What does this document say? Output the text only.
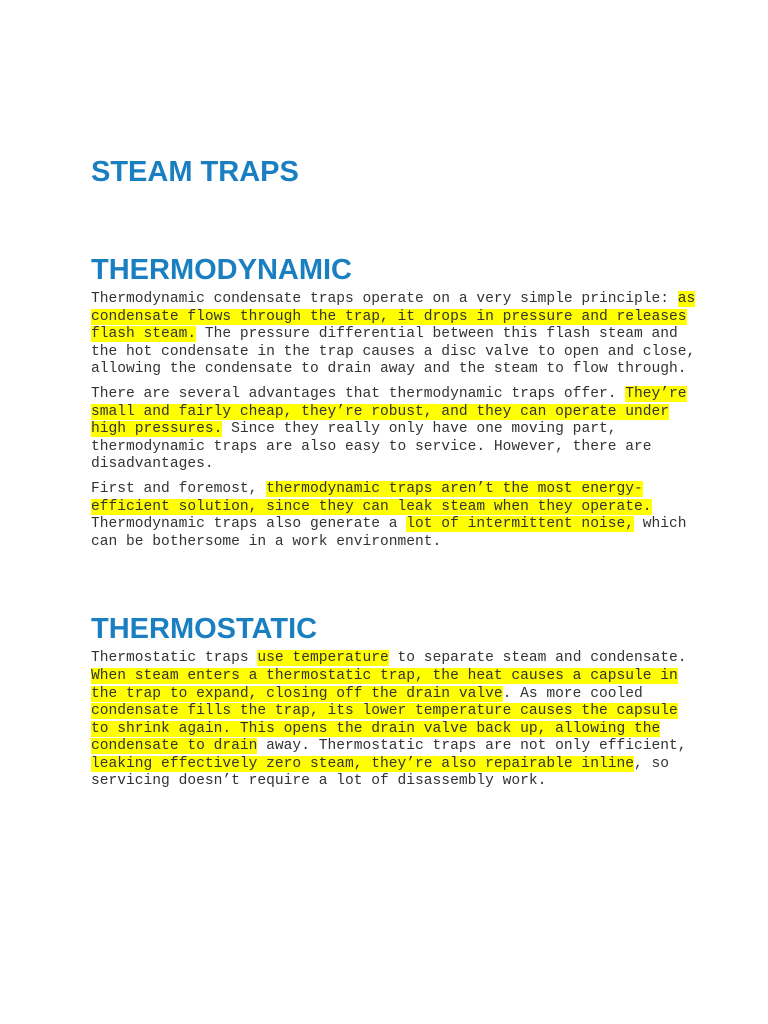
STEAM TRAPS
THERMODYNAMIC

Thermodynamic condensate traps operate on a very simple principle: as condensate flows through the trap, it drops in pressure and releases flash steam. The pressure differential between this flash steam and the hot condensate in the trap causes a disc valve to open and close, allowing the condensate to drain away and the steam to flow through.

There are several advantages that thermodynamic traps offer. They’re small and fairly cheap, they’re robust, and they can operate under high pressures. Since they really only have one moving part, thermodynamic traps are also easy to service. However, there are disadvantages.

First and foremost, thermodynamic traps aren’t the most energy-efficient solution, since they can leak steam when they operate. Thermodynamic traps also generate a lot of intermittent noise, which can be bothersome in a work environment.

THERMOSTATIC

Thermostatic traps use temperature to separate steam and condensate. When steam enters a thermostatic trap, the heat causes a capsule in the trap to expand, closing off the drain valve. As more cooled condensate fills the trap, its lower temperature causes the capsule to shrink again. This opens the drain valve back up, allowing the condensate to drain away. Thermostatic traps are not only efficient, leaking effectively zero steam, they’re also repairable inline, so servicing doesn’t require a lot of disassembly work.
